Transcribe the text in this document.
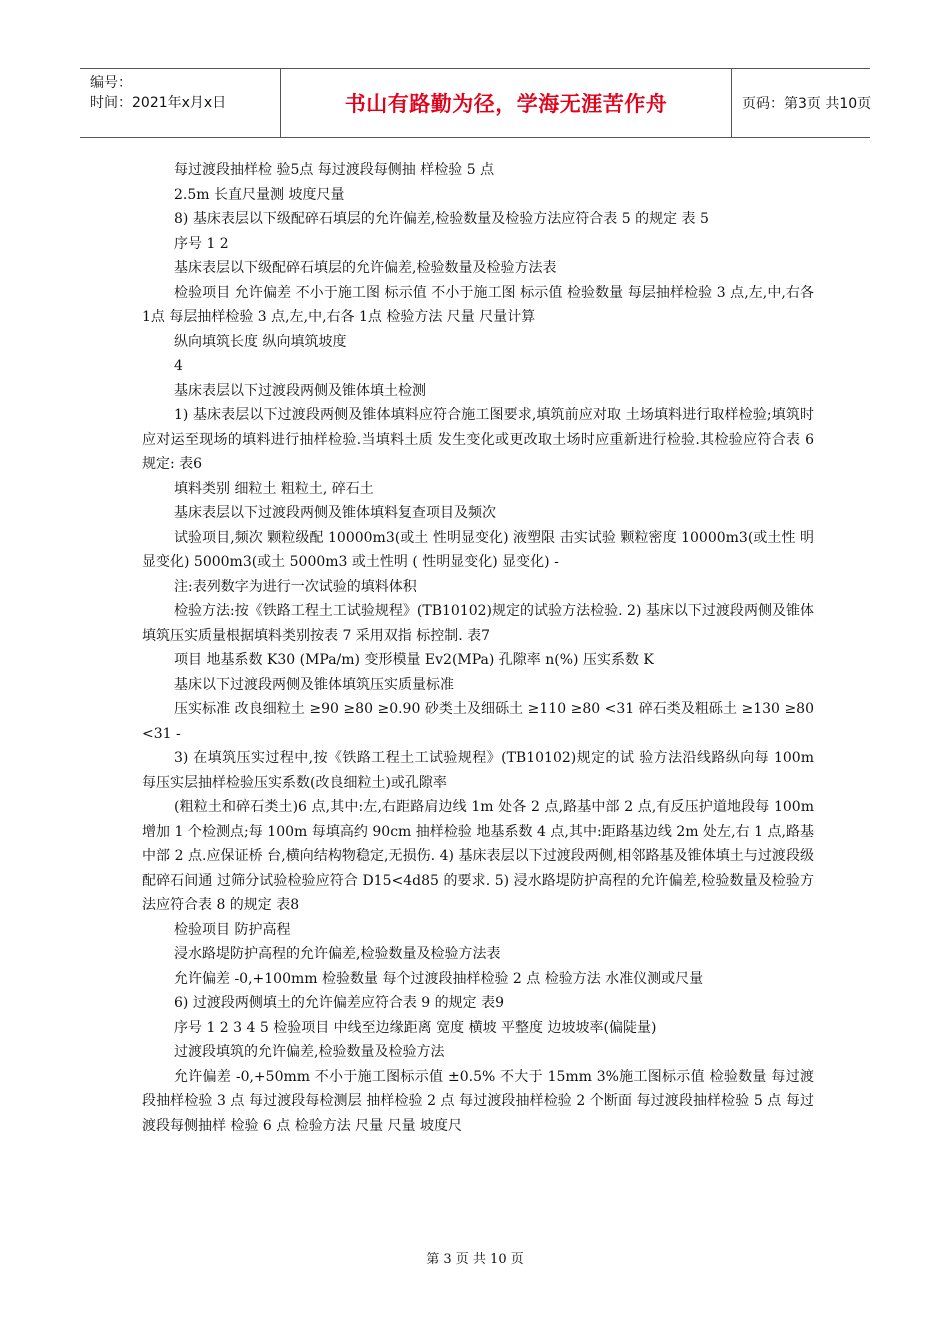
编号：
时间：2021年x月x日	书山有路勤为径，学海无涯苦作舟	页码：第3页 共10页

每过渡段抽样检 验5点 每过渡段每侧抽 样检验 5 点

2.5m 长直尺量测 坡度尺量

8) 基床表层以下级配碎石填层的允许偏差,检验数量及检验方法应符合表 5 的规定 表 5

序号 1 2

基床表层以下级配碎石填层的允许偏差,检验数量及检验方法表

检验项目 允许偏差 不小于施工图 标示值 不小于施工图 标示值 检验数量 每层抽样检验 3 点,左,中,右各 1点 每层抽样检验 3 点,左,中,右各 1点 检验方法 尺量 尺量计算

纵向填筑长度 纵向填筑坡度

4

基床表层以下过渡段两侧及锥体填土检测

1) 基床表层以下过渡段两侧及锥体填料应符合施工图要求,填筑前应对取 土场填料进行取样检验;填筑时应对运至现场的填料进行抽样检验.当填料土质 发生变化或更改取土场时应重新进行检验.其检验应符合表 6 规定: 表6

填料类别 细粒土 粗粒土, 碎石土

基床表层以下过渡段两侧及锥体填料复查项目及频次

试验项目,频次 颗粒级配 10000m3(或土 性明显变化) 液塑限 击实试验 颗粒密度 10000m3(或土性 明显变化) 5000m3(或土 5000m3 或土性明 ( 性明显变化) 显变化) -

注:表列数字为进行一次试验的填料体积

检验方法:按《铁路工程土工试验规程》(TB10102)规定的试验方法检验. 2) 基床以下过渡段两侧及锥体填筑压实质量根据填料类别按表 7 采用双指 标控制. 表7

项目 地基系数 K30 (MPa/m) 变形模量 Ev2(MPa) 孔隙率 n(%) 压实系数 K

基床以下过渡段两侧及锥体填筑压实质量标准

压实标准 改良细粒土 ≥90 ≥80 ≥0.90 砂类土及细砾土 ≥110 ≥80 <31 碎石类及粗砾土 ≥130 ≥80 <31 -

3) 在填筑压实过程中,按《铁路工程土工试验规程》(TB10102)规定的试 验方法沿线路纵向每 100m 每压实层抽样检验压实系数(改良细粒土)或孔隙率

(粗粒土和碎石类土)6 点,其中:左,右距路肩边线 1m 处各 2 点,路基中部 2 点,有反压护道地段每 100m 增加 1 个检测点;每 100m 每填高约 90cm 抽样检验 地基系数 4 点,其中:距路基边线 2m 处左,右 1 点,路基中部 2 点.应保证桥 台,横向结构物稳定,无损伤. 4) 基床表层以下过渡段两侧,相邻路基及锥体填土与过渡段级配碎石间通 过筛分试验检验应符合 D15<4d85 的要求. 5) 浸水路堤防护高程的允许偏差,检验数量及检验方法应符合表 8 的规定 表8

检验项目 防护高程

浸水路堤防护高程的允许偏差,检验数量及检验方法表

允许偏差 -0,+100mm 检验数量 每个过渡段抽样检验 2 点 检验方法 水准仪测或尺量

6) 过渡段两侧填土的允许偏差应符合表 9 的规定 表9

序号 1 2 3 4 5 检验项目 中线至边缘距离 宽度 横坡 平整度 边坡坡率(偏陡量)

过渡段填筑的允许偏差,检验数量及检验方法

允许偏差 -0,+50mm 不小于施工图标示值 ±0.5% 不大于 15mm 3%施工图标示值 检验数量 每过渡段抽样检验 3 点 每过渡段每检测层 抽样检验 2 点 每过渡段抽样检验 2 个断面 每过渡段抽样检验 5 点 每过渡段每侧抽样 检验 6 点 检验方法 尺量 尺量 坡度尺

第 3 页 共 10 页
